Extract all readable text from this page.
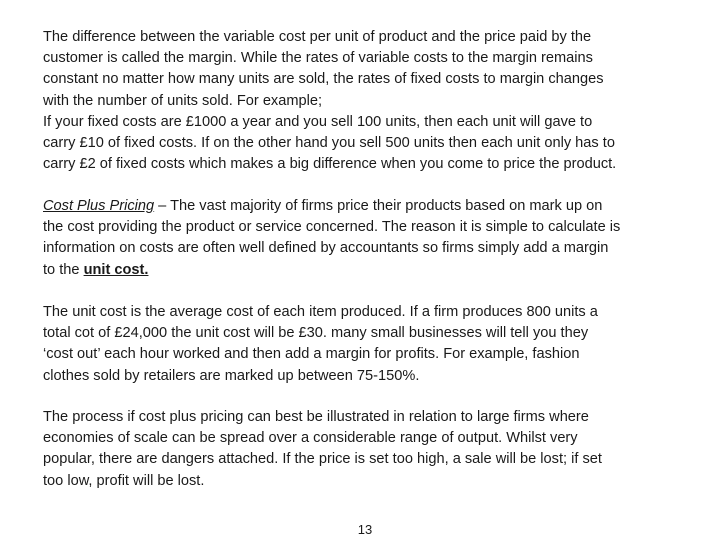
The difference between the variable cost per unit of product and the price paid by the
customer is called the margin. While the rates of variable costs to the margin remains
constant no matter how many units are sold, the rates of fixed costs to margin changes
with the number of units sold. For example;
If your fixed costs are £1000 a year and you sell 100 units, then each unit will gave to
carry £10 of fixed costs. If on the other hand you sell 500 units then each unit only has to
carry £2 of fixed costs which makes a big difference when you come to price the product.

Cost Plus Pricing – The vast majority of firms price their products based on mark up on
the cost providing the product or service concerned. The reason it is simple to calculate is
information on costs are often well defined by accountants so firms simply add a margin
to the unit cost.

The unit cost is the average cost of each item produced. If a firm produces 800 units a
total cot of £24,000 the unit cost will be £30. many small businesses will tell you they
‘cost out’ each hour worked and then add a margin for profits. For example, fashion
clothes sold by retailers are marked up between 75-150%.

The process if cost plus pricing can best be illustrated in relation to large firms where
economies of scale can be spread over a considerable range of output. Whilst very
popular, there are dangers attached. If the price is set too high, a sale will be lost; if set
too low, profit will be lost.

13
